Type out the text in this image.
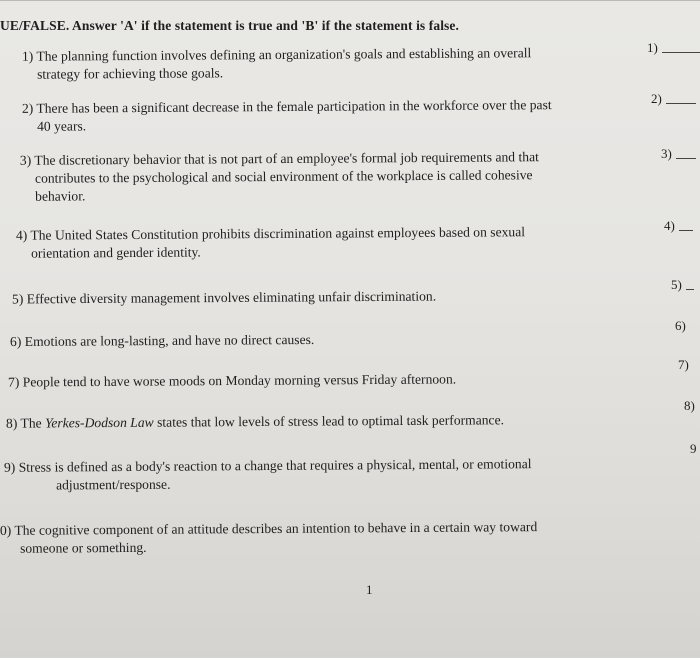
UE/FALSE. Answer 'A' if the statement is true and 'B' if the statement is false.
1) The planning function involves defining an organization's goals and establishing an overall
strategy for achieving those goals.
1)
2) There has been a significant decrease in the female participation in the workforce over the past
40 years.
2)
3) The discretionary behavior that is not part of an employee's formal job requirements and that
contributes to the psychological and social environment of the workplace is called cohesive
behavior.
3)
4) The United States Constitution prohibits discrimination against employees based on sexual
orientation and gender identity.
4)
5) Effective diversity management involves eliminating unfair discrimination.
5)
6) Emotions are long-lasting, and have no direct causes.
6)
7) People tend to have worse moods on Monday morning versus Friday afternoon.
7)
8) The Yerkes-Dodson Law states that low levels of stress lead to optimal task performance.
8)
9) Stress is defined as a body's reaction to a change that requires a physical, mental, or emotional
adjustment/response.
9
0) The cognitive component of an attitude describes an intention to behave in a certain way toward
someone or something.
1
